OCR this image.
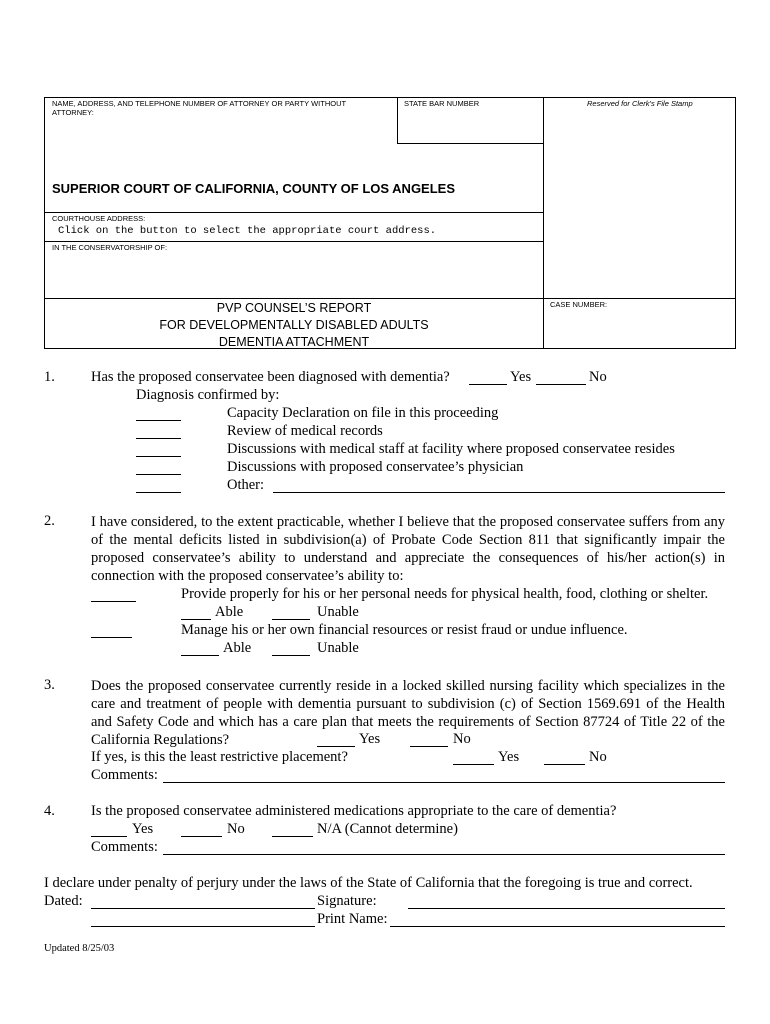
NAME, ADDRESS, AND TELEPHONE NUMBER OF ATTORNEY OR PARTY WITHOUT ATTORNEY:
STATE BAR NUMBER	Reserved for Clerk's File Stamp
SUPERIOR COURT OF CALIFORNIA, COUNTY OF LOS ANGELES
COURTHOUSE ADDRESS:
Click on the button to select the appropriate court address.
IN THE CONSERVATORSHIP OF:
PVP COUNSEL’S REPORT
FOR DEVELOPMENTALLY DISABLED ADULTS
DEMENTIA ATTACHMENT
CASE NUMBER:
1. Has the proposed conservatee been diagnosed with dementia?	Yes	No
Diagnosis confirmed by:
Capacity Declaration on file in this proceeding
Review of medical records
Discussions with medical staff at facility where proposed conservatee resides
Discussions with proposed conservatee’s physician
Other:
2. I have considered, to the extent practicable, whether I believe that the proposed conservatee suffers from any of the mental deficits listed in subdivision(a) of Probate Code Section 811 that significantly impair the proposed conservatee’s ability to understand and appreciate the consequences of his/her action(s) in connection with the proposed conservatee’s ability to:
Provide properly for his or her personal needs for physical health, food, clothing or shelter.
Able	Unable
Manage his or her own financial resources or resist fraud or undue influence.
Able	Unable
3. Does the proposed conservatee currently reside in a locked skilled nursing facility which specializes in the care and treatment of people with dementia pursuant to subdivision (c) of Section 1569.691 of the Health and Safety Code and which has a care plan that meets the requirements of Section 87724 of Title 22 of the California Regulations?	Yes	No
If yes, is this the least restrictive placement?	Yes	No
Comments:
4. Is the proposed conservatee administered medications appropriate to the care of dementia?
Yes	No	N/A (Cannot determine)
Comments:
I declare under penalty of perjury under the laws of the State of California that the foregoing is true and correct.
Dated:	Signature:
Print Name:
Updated 8/25/03
